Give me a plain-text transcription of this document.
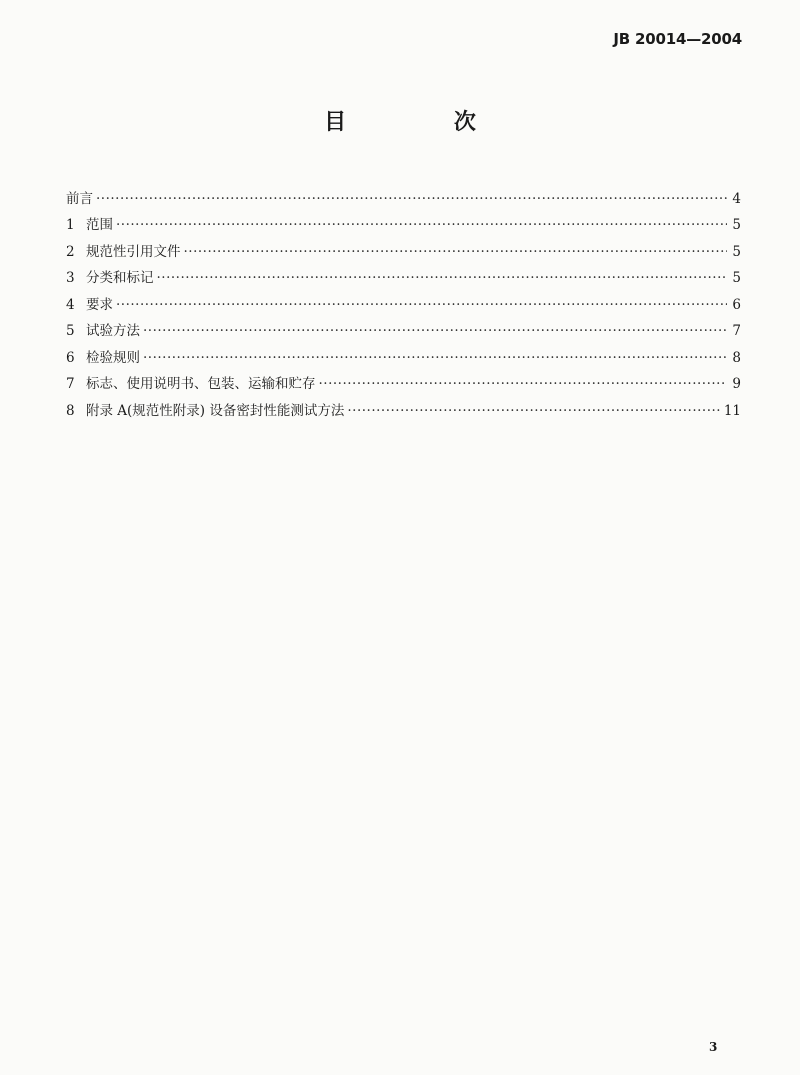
JB 20014—2004
目 次
前言 ·····	4
1 范围 ·····	5
2 规范性引用文件 ·····	5
3 分类和标记 ·····	5
4 要求 ·····	6
5 试验方法 ·····	7
6 检验规则 ·····	8
7 标志、使用说明书、包装、运输和贮存 ·····	9
8 附录 A(规范性附录) 设备密封性能测试方法 ·····	11
3
